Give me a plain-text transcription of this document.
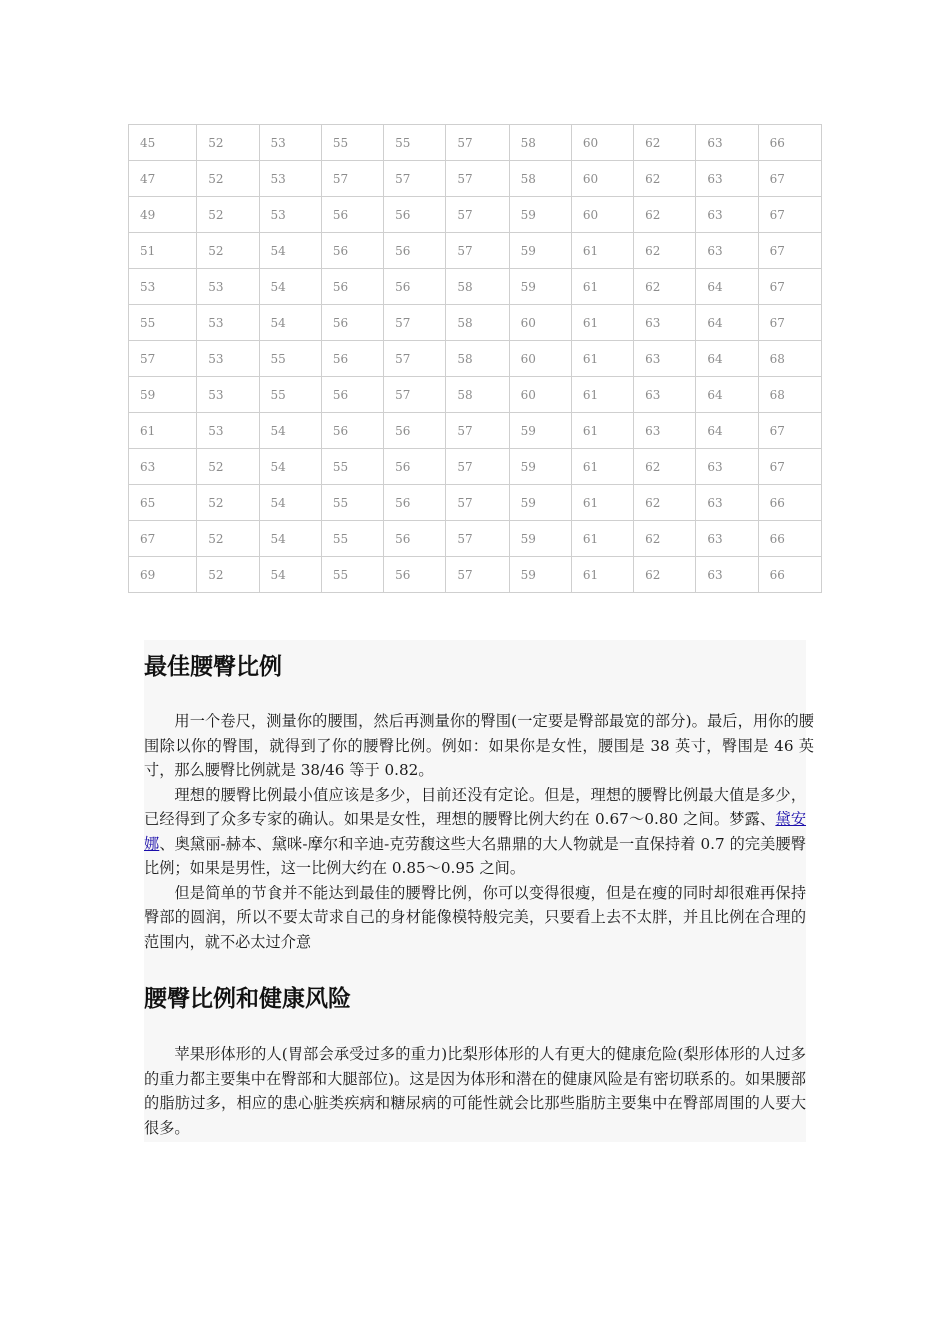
45	52	53	55	55	57	58	60	62	63	66
47	52	53	57	57	57	58	60	62	63	67
49	52	53	56	56	57	59	60	62	63	67
51	52	54	56	56	57	59	61	62	63	67
53	53	54	56	56	58	59	61	62	64	67
55	53	54	56	57	58	60	61	63	64	67
57	53	55	56	57	58	60	61	63	64	68
59	53	55	56	57	58	60	61	63	64	68
61	53	54	56	56	57	59	61	63	64	67
63	52	54	55	56	57	59	61	62	63	67
65	52	54	55	56	57	59	61	62	63	66
67	52	54	55	56	57	59	61	62	63	66
69	52	54	55	56	57	59	61	62	63	66
最佳腰臀比例

用一个卷尺，测量你的腰围，然后再测量你的臀围(一定要是臀部最宽的部分)。最后，用你的腰围除以你的臀围，就得到了你的腰臀比例。例如：如果你是女性，腰围是 38 英寸，臀围是 46 英寸，那么腰臀比例就是 38/46 等于 0.82。

理想的腰臀比例最小值应该是多少，目前还没有定论。但是，理想的腰臀比例最大值是多少，已经得到了众多专家的确认。如果是女性，理想的腰臀比例大约在 0.67～0.80 之间。梦露、黛安娜、奥黛丽-赫本、黛咪-摩尔和辛迪-克劳馥这些大名鼎鼎的大人物就是一直保持着 0.7 的完美腰臀比例；如果是男性，这一比例大约在 0.85～0.95 之间。

但是简单的节食并不能达到最佳的腰臀比例，你可以变得很瘦，但是在瘦的同时却很难再保持臀部的圆润，所以不要太苛求自己的身材能像模特般完美，只要看上去不太胖，并且比例在合理的范围内，就不必太过介意

腰臀比例和健康风险

苹果形体形的人(胃部会承受过多的重力)比梨形体形的人有更大的健康危险(梨形体形的人过多的重力都主要集中在臀部和大腿部位)。这是因为体形和潜在的健康风险是有密切联系的。如果腰部的脂肪过多，相应的患心脏类疾病和糖尿病的可能性就会比那些脂肪主要集中在臀部周围的人要大很多。
